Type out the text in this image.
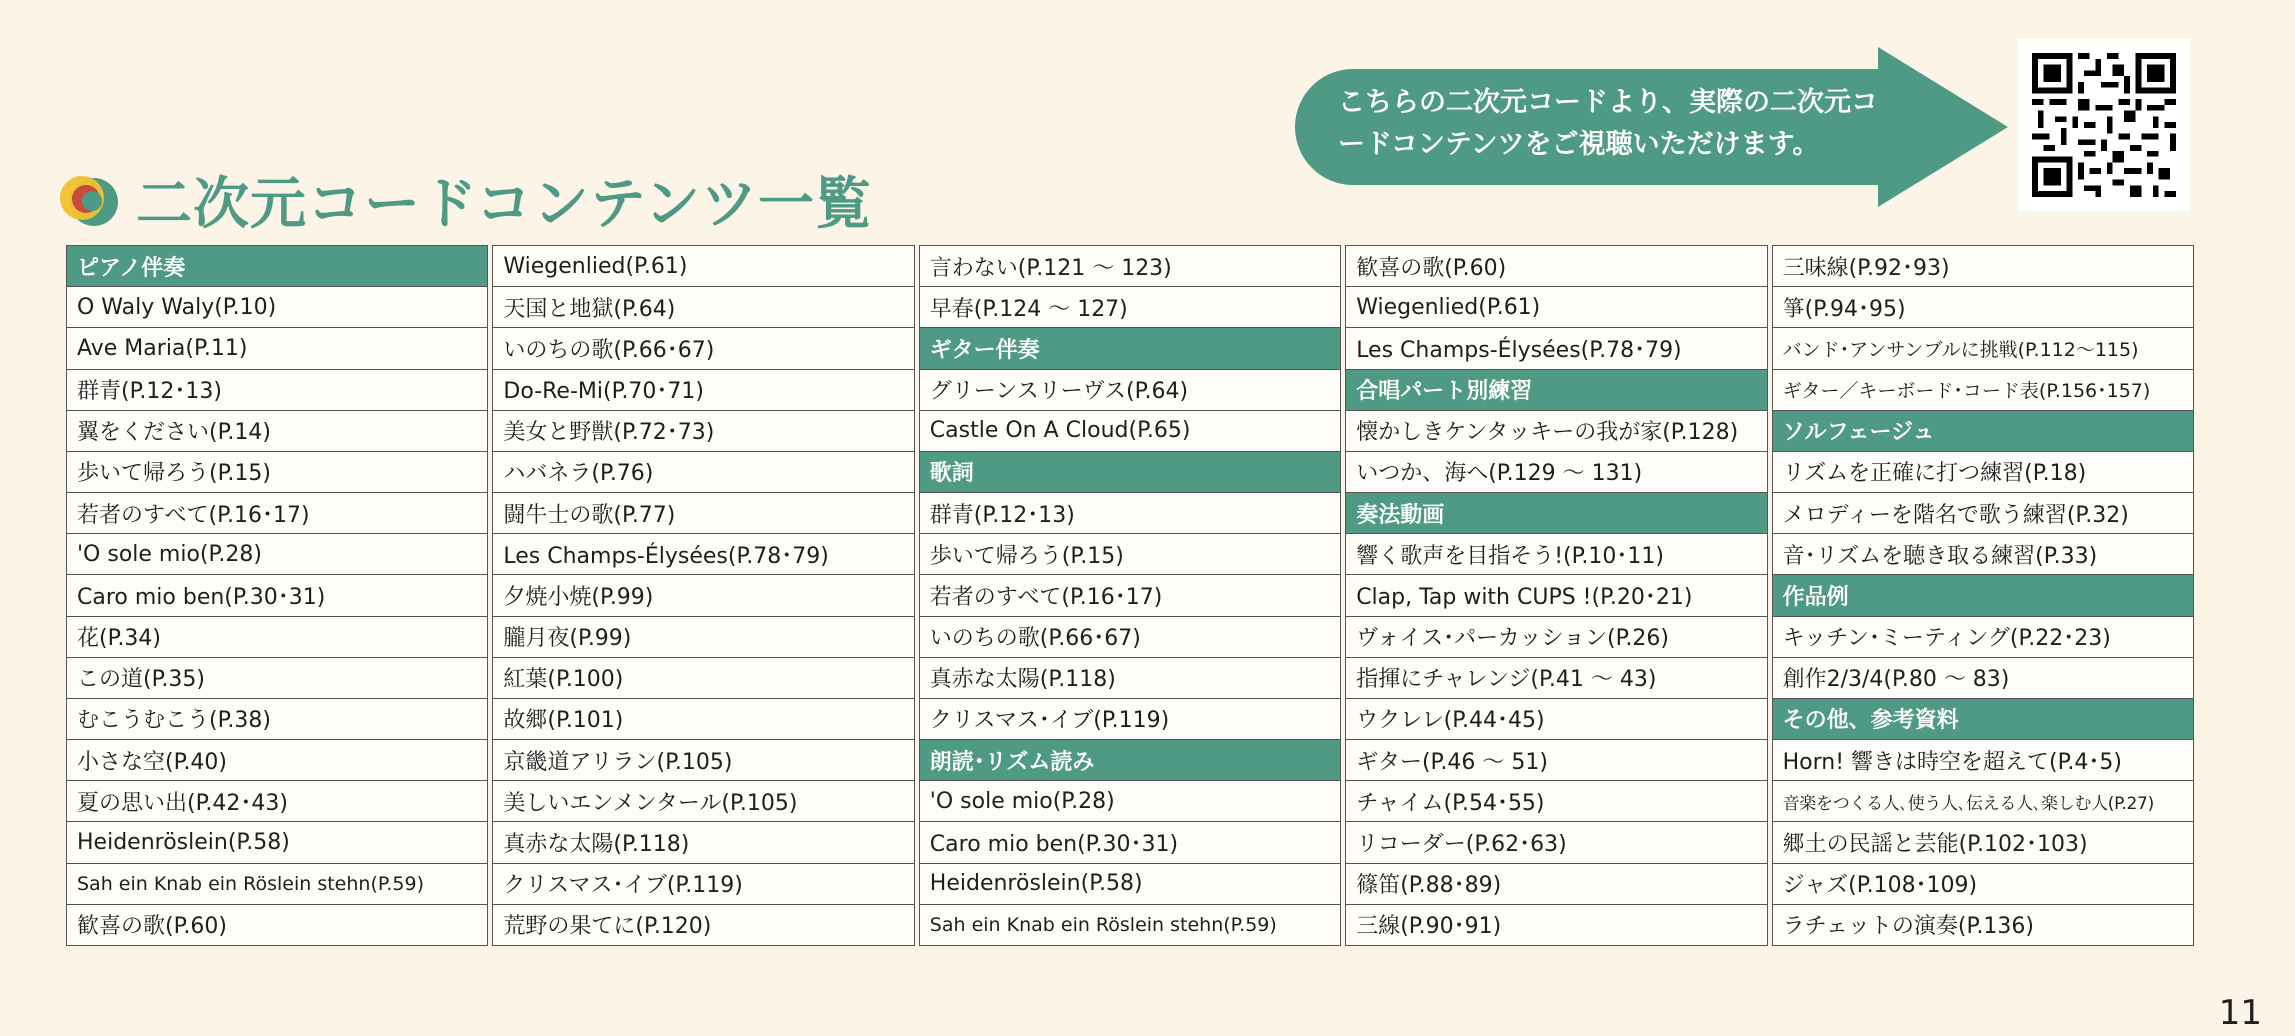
二次元コードコンテンツ一覧
こちらの二次元コードより、実際の二次元コードコンテンツをご視聴いただけます。
ピアノ伴奏
O Waly Waly(P.10)
Ave Maria(P.11)
群青(P.12･13)
翼をください(P.14)
歩いて帰ろう(P.15)
若者のすべて(P.16･17)
'O sole mio(P.28)
Caro mio ben(P.30･31)
花(P.34)
この道(P.35)
むこうむこう(P.38)
小さな空(P.40)
夏の思い出(P.42･43)
Heidenröslein(P.58)
Sah ein Knab ein Röslein stehn(P.59)
歓喜の歌(P.60)
Wiegenlied(P.61)
天国と地獄(P.64)
いのちの歌(P.66･67)
Do-Re-Mi(P.70･71)
美女と野獣(P.72･73)
ハバネラ(P.76)
闘牛士の歌(P.77)
Les Champs-Élysées(P.78･79)
夕焼小焼(P.99)
朧月夜(P.99)
紅葉(P.100)
故郷(P.101)
京畿道アリラン(P.105)
美しいエンメンタール(P.105)
真赤な太陽(P.118)
クリスマス･イブ(P.119)
荒野の果てに(P.120)
言わない(P.121 ～ 123)
早春(P.124 ～ 127)
ギター伴奏
グリーンスリーヴス(P.64)
Castle On A Cloud(P.65)
歌詞
群青(P.12･13)
歩いて帰ろう(P.15)
若者のすべて(P.16･17)
いのちの歌(P.66･67)
真赤な太陽(P.118)
クリスマス･イブ(P.119)
朗読･リズム読み
'O sole mio(P.28)
Caro mio ben(P.30･31)
Heidenröslein(P.58)
Sah ein Knab ein Röslein stehn(P.59)
歓喜の歌(P.60)
Wiegenlied(P.61)
Les Champs-Élysées(P.78･79)
合唱パート別練習
懐かしきケンタッキーの我が家(P.128)
いつか、海へ(P.129 ～ 131)
奏法動画
響く歌声を目指そう!(P.10･11)
Clap, Tap with CUPS !(P.20･21)
ヴォイス･パーカッション(P.26)
指揮にチャレンジ(P.41 ～ 43)
ウクレレ(P.44･45)
ギター(P.46 ～ 51)
チャイム(P.54･55)
リコーダー(P.62･63)
篠笛(P.88･89)
三線(P.90･91)
三味線(P.92･93)
箏(P.94･95)
バンド･アンサンブルに挑戦(P.112～115)
ギター／キーボード･コード表(P.156･157)
ソルフェージュ
リズムを正確に打つ練習(P.18)
メロディーを階名で歌う練習(P.32)
音･リズムを聴き取る練習(P.33)
作品例
キッチン･ミーティング(P.22･23)
創作2/3/4(P.80 ～ 83)
その他、参考資料
Horn! 響きは時空を超えて(P.4･5)
音楽をつくる人､使う人､伝える人､楽しむ人(P.27)
郷土の民謡と芸能(P.102･103)
ジャズ(P.108･109)
ラチェットの演奏(P.136)
11
